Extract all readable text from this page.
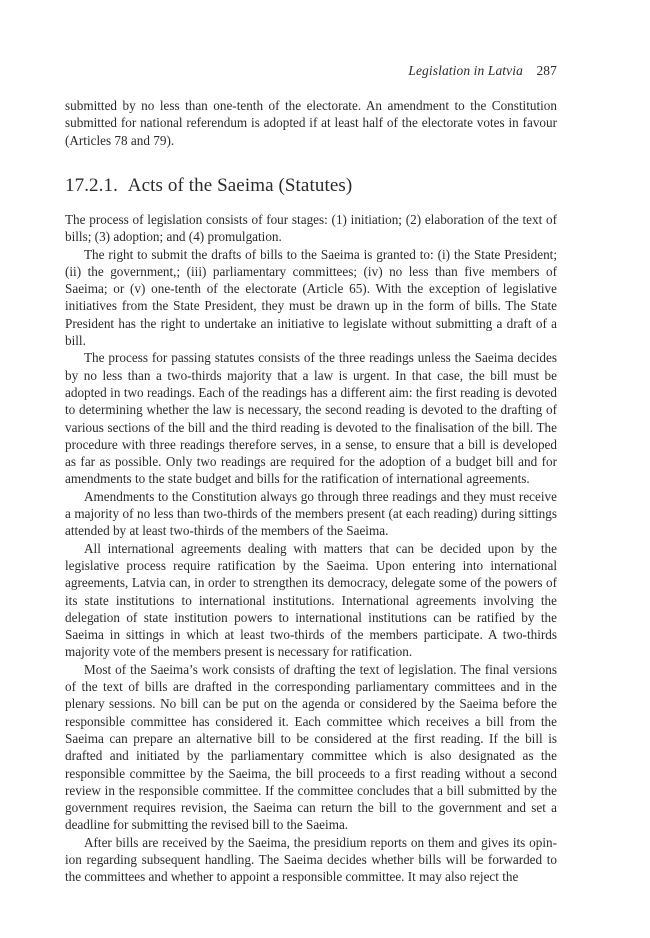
Legislation in Latvia 287

submitted by no less than one-tenth of the electorate. An amendment to the Constitution submitted for national referendum is adopted if at least half of the electorate votes in favour (Articles 78 and 79).

17.2.1. Acts of the Saeima (Statutes)

The process of legislation consists of four stages: (1) initiation; (2) elaboration of the text of bills; (3) adoption; and (4) promulgation.

The right to submit the drafts of bills to the Saeima is granted to: (i) the State President; (ii) the government,; (iii) parliamentary committees; (iv) no less than five members of Saeima; or (v) one-tenth of the electorate (Article 65). With the exception of legislative initiatives from the State President, they must be drawn up in the form of bills. The State President has the right to undertake an initiative to legislate without submitting a draft of a bill.

The process for passing statutes consists of the three readings unless the Saeima decides by no less than a two-thirds majority that a law is urgent. In that case, the bill must be adopted in two readings. Each of the readings has a different aim: the first reading is devoted to determining whether the law is necessary, the second reading is devoted to the drafting of various sections of the bill and the third reading is devoted to the finalisation of the bill. The procedure with three readings therefore serves, in a sense, to ensure that a bill is developed as far as possible. Only two readings are required for the adoption of a budget bill and for amendments to the state budget and bills for the ratification of international agreements.

Amendments to the Constitution always go through three readings and they must receive a majority of no less than two-thirds of the members present (at each reading) during sittings attended by at least two-thirds of the members of the Saeima.

All international agreements dealing with matters that can be decided upon by the legislative process require ratification by the Saeima. Upon entering into international agreements, Latvia can, in order to strengthen its democracy, delegate some of the powers of its state institutions to international institutions. International agreements involving the delegation of state institution powers to international institutions can be ratified by the Saeima in sittings in which at least two-thirds of the members participate. A two-thirds majority vote of the members present is necessary for ratification.

Most of the Saeima’s work consists of drafting the text of legislation. The final versions of the text of bills are drafted in the corresponding parliamentary committees and in the plenary sessions. No bill can be put on the agenda or considered by the Saeima before the responsible committee has considered it. Each committee which receives a bill from the Saeima can prepare an alternative bill to be considered at the first reading. If the bill is drafted and initiated by the parliamentary committee which is also designated as the responsible committee by the Saeima, the bill proceeds to a first reading without a second review in the responsible committee. If the committee concludes that a bill submitted by the government requires revision, the Saeima can return the bill to the government and set a deadline for submitting the revised bill to the Saeima.

After bills are received by the Saeima, the presidium reports on them and gives its opin-ion regarding subsequent handling. The Saeima decides whether bills will be forwarded to the committees and whether to appoint a responsible committee. It may also reject the
